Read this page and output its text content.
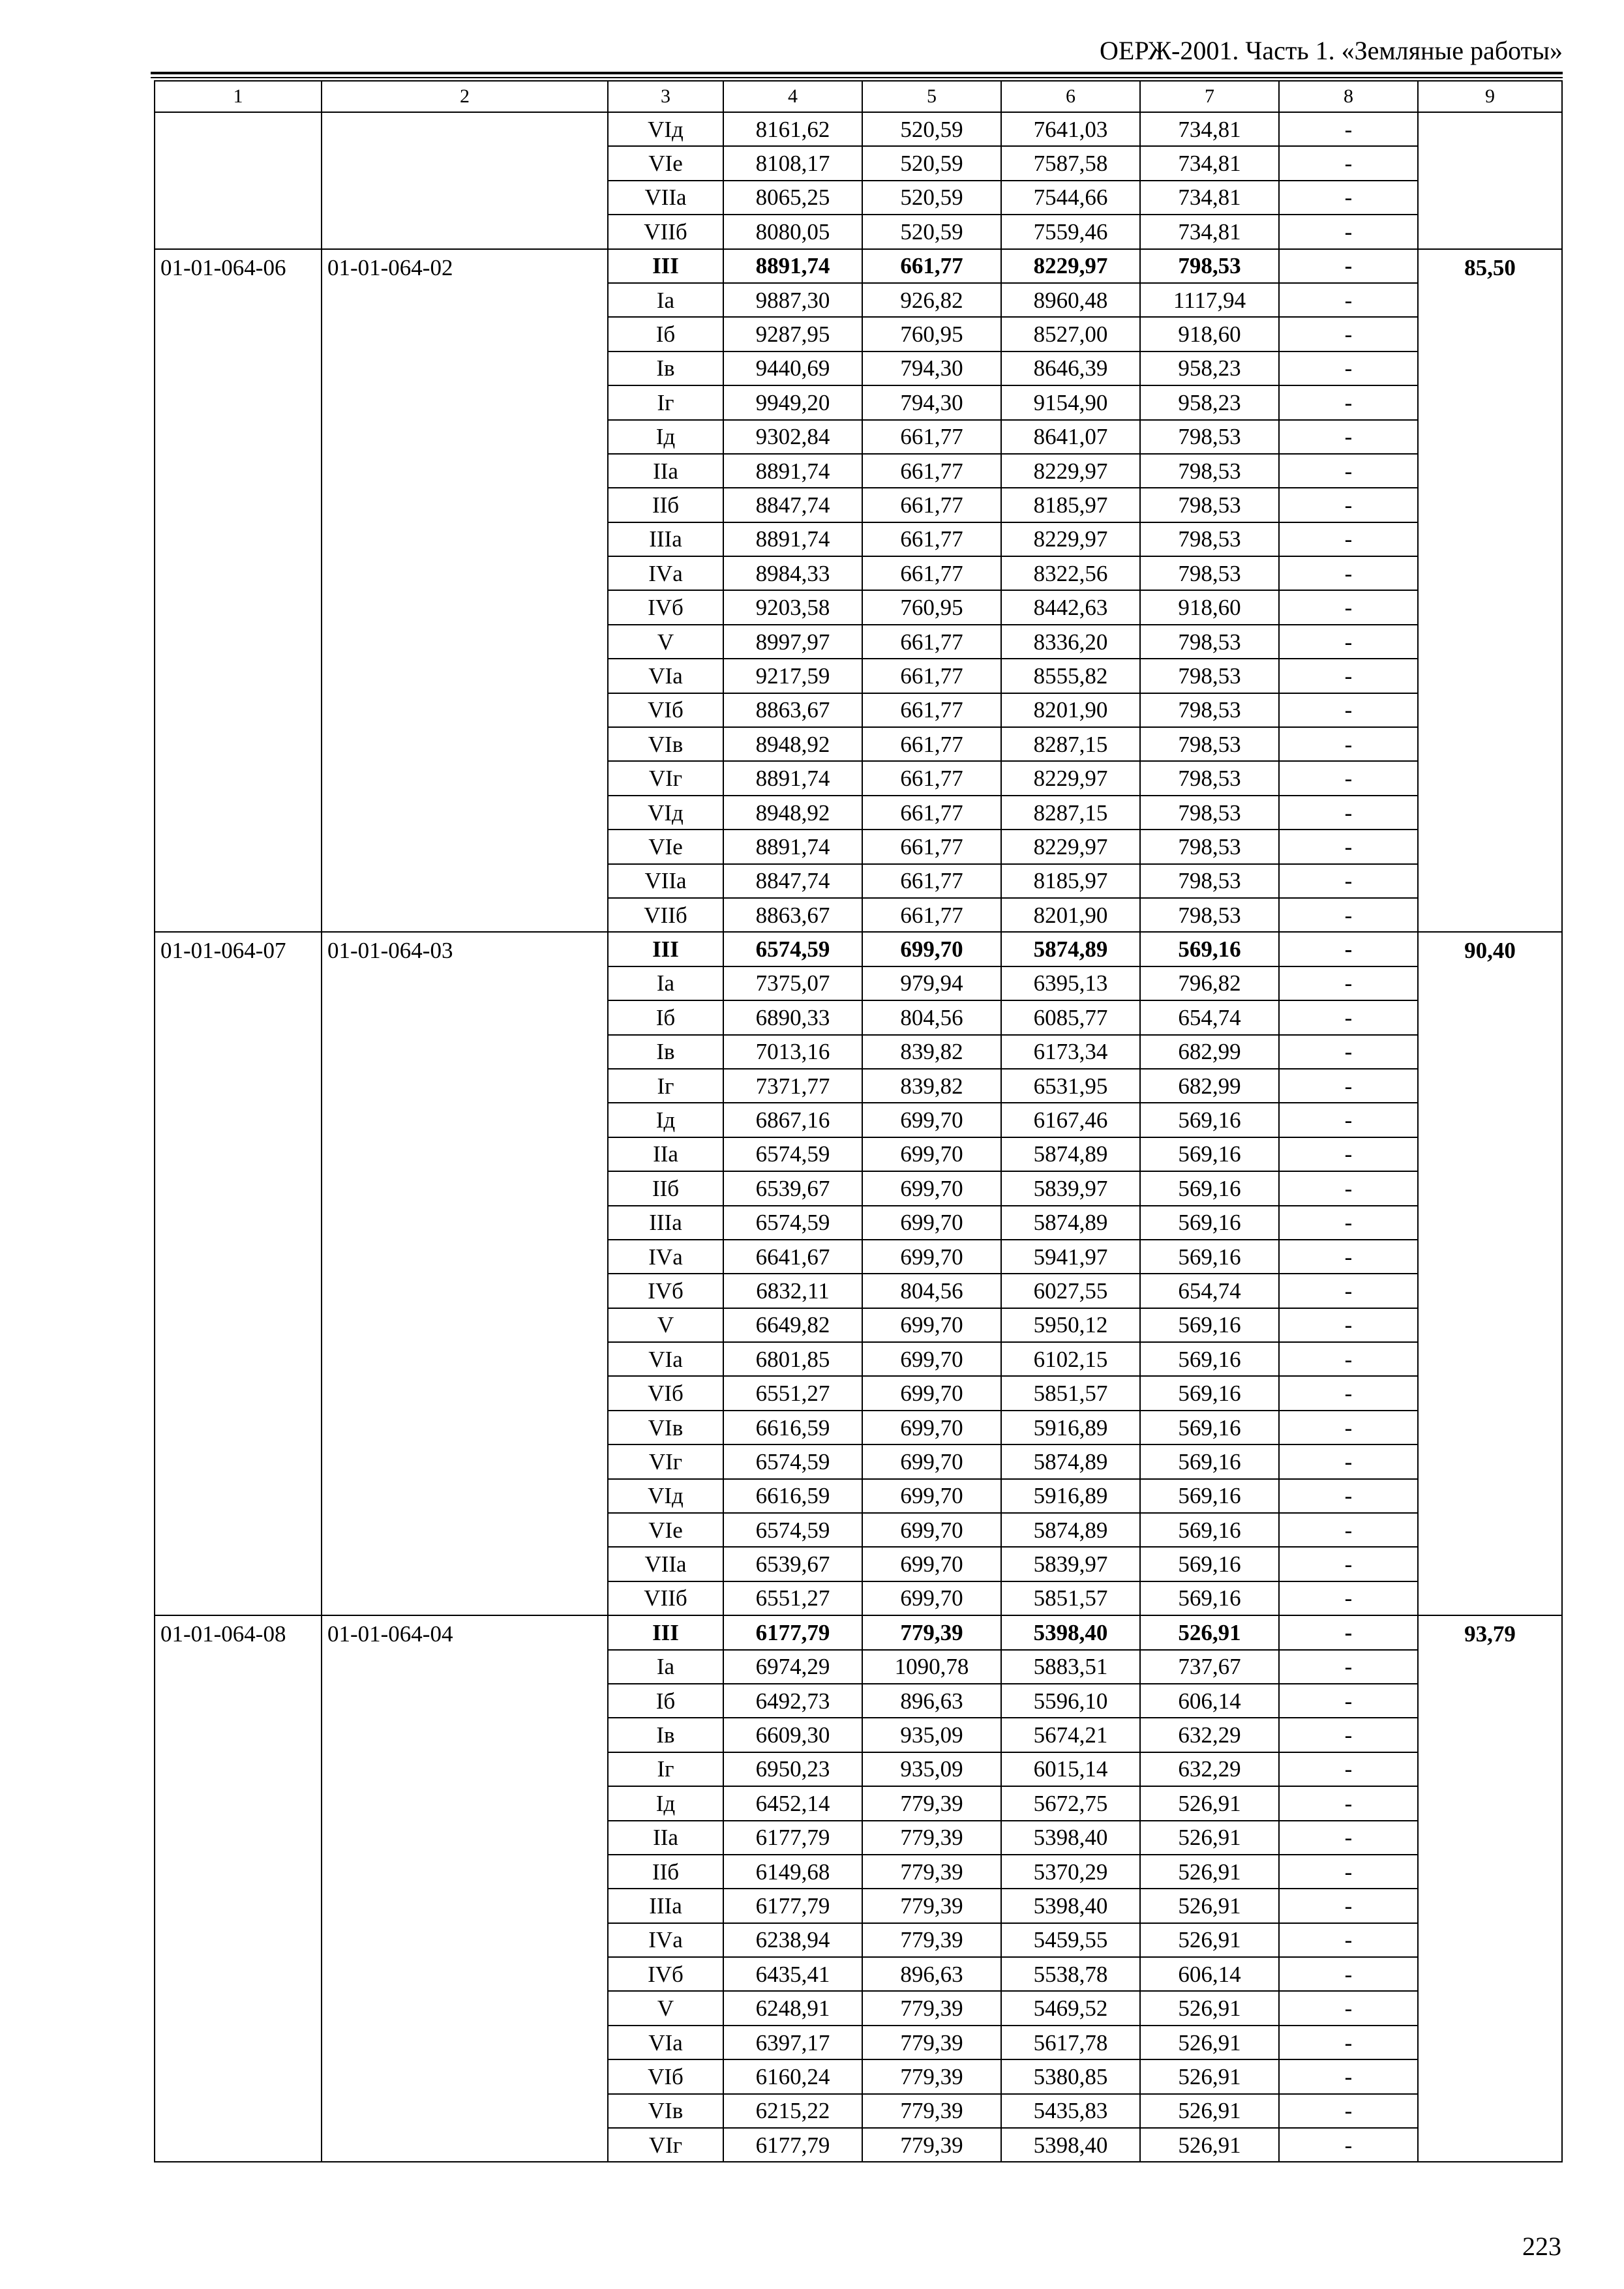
ОЕРЖ-2001. Часть 1. «Земляные работы»
1	2	3	4	5	6	7	8	9
		VIд	8161,62	520,59	7641,03	734,81	-	
		VIе	8108,17	520,59	7587,58	734,81	-	
		VIIа	8065,25	520,59	7544,66	734,81	-	
		VIIб	8080,05	520,59	7559,46	734,81	-	
01-01-064-06	01-01-064-02	III	8891,74	661,77	8229,97	798,53	-	85,50
		Iа	9887,30	926,82	8960,48	1117,94	-	
		Iб	9287,95	760,95	8527,00	918,60	-	
		Iв	9440,69	794,30	8646,39	958,23	-	
		Iг	9949,20	794,30	9154,90	958,23	-	
		Iд	9302,84	661,77	8641,07	798,53	-	
		IIа	8891,74	661,77	8229,97	798,53	-	
		IIб	8847,74	661,77	8185,97	798,53	-	
		IIIа	8891,74	661,77	8229,97	798,53	-	
		IVа	8984,33	661,77	8322,56	798,53	-	
		IVб	9203,58	760,95	8442,63	918,60	-	
		V	8997,97	661,77	8336,20	798,53	-	
		VIа	9217,59	661,77	8555,82	798,53	-	
		VIб	8863,67	661,77	8201,90	798,53	-	
		VIв	8948,92	661,77	8287,15	798,53	-	
		VIг	8891,74	661,77	8229,97	798,53	-	
		VIд	8948,92	661,77	8287,15	798,53	-	
		VIе	8891,74	661,77	8229,97	798,53	-	
		VIIа	8847,74	661,77	8185,97	798,53	-	
		VIIб	8863,67	661,77	8201,90	798,53	-	
01-01-064-07	01-01-064-03	III	6574,59	699,70	5874,89	569,16	-	90,40
		Iа	7375,07	979,94	6395,13	796,82	-	
		Iб	6890,33	804,56	6085,77	654,74	-	
		Iв	7013,16	839,82	6173,34	682,99	-	
		Iг	7371,77	839,82	6531,95	682,99	-	
		Iд	6867,16	699,70	6167,46	569,16	-	
		IIа	6574,59	699,70	5874,89	569,16	-	
		IIб	6539,67	699,70	5839,97	569,16	-	
		IIIа	6574,59	699,70	5874,89	569,16	-	
		IVа	6641,67	699,70	5941,97	569,16	-	
		IVб	6832,11	804,56	6027,55	654,74	-	
		V	6649,82	699,70	5950,12	569,16	-	
		VIа	6801,85	699,70	6102,15	569,16	-	
		VIб	6551,27	699,70	5851,57	569,16	-	
		VIв	6616,59	699,70	5916,89	569,16	-	
		VIг	6574,59	699,70	5874,89	569,16	-	
		VIд	6616,59	699,70	5916,89	569,16	-	
		VIе	6574,59	699,70	5874,89	569,16	-	
		VIIа	6539,67	699,70	5839,97	569,16	-	
		VIIб	6551,27	699,70	5851,57	569,16	-	
01-01-064-08	01-01-064-04	III	6177,79	779,39	5398,40	526,91	-	93,79
		Iа	6974,29	1090,78	5883,51	737,67	-	
		Iб	6492,73	896,63	5596,10	606,14	-	
		Iв	6609,30	935,09	5674,21	632,29	-	
		Iг	6950,23	935,09	6015,14	632,29	-	
		Iд	6452,14	779,39	5672,75	526,91	-	
		IIа	6177,79	779,39	5398,40	526,91	-	
		IIб	6149,68	779,39	5370,29	526,91	-	
		IIIа	6177,79	779,39	5398,40	526,91	-	
		IVа	6238,94	779,39	5459,55	526,91	-	
		IVб	6435,41	896,63	5538,78	606,14	-	
		V	6248,91	779,39	5469,52	526,91	-	
		VIа	6397,17	779,39	5617,78	526,91	-	
		VIб	6160,24	779,39	5380,85	526,91	-	
		VIв	6215,22	779,39	5435,83	526,91	-	
		VIг	6177,79	779,39	5398,40	526,91	-	
223
